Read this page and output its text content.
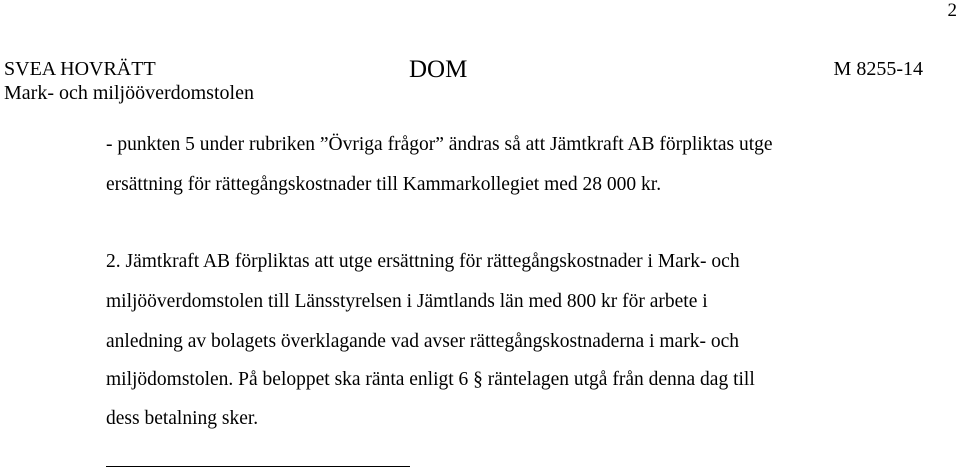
2
SVEA HOVRÄTT
Mark- och miljööverdomstolen
DOM	M 8255-14
- punkten 5 under rubriken ”Övriga frågor” ändras så att Jämtkraft AB förpliktas utge
ersättning för rättegångskostnader till Kammarkollegiet med 28 000 kr.
2. Jämtkraft AB förpliktas att utge ersättning för rättegångskostnader i Mark- och
miljööverdomstolen till Länsstyrelsen i Jämtlands län med 800 kr för arbete i
anledning av bolagets överklagande vad avser rättegångskostnaderna i mark- och
miljödomstolen. På beloppet ska ränta enligt 6 § räntelagen utgå från denna dag till
dess betalning sker.
